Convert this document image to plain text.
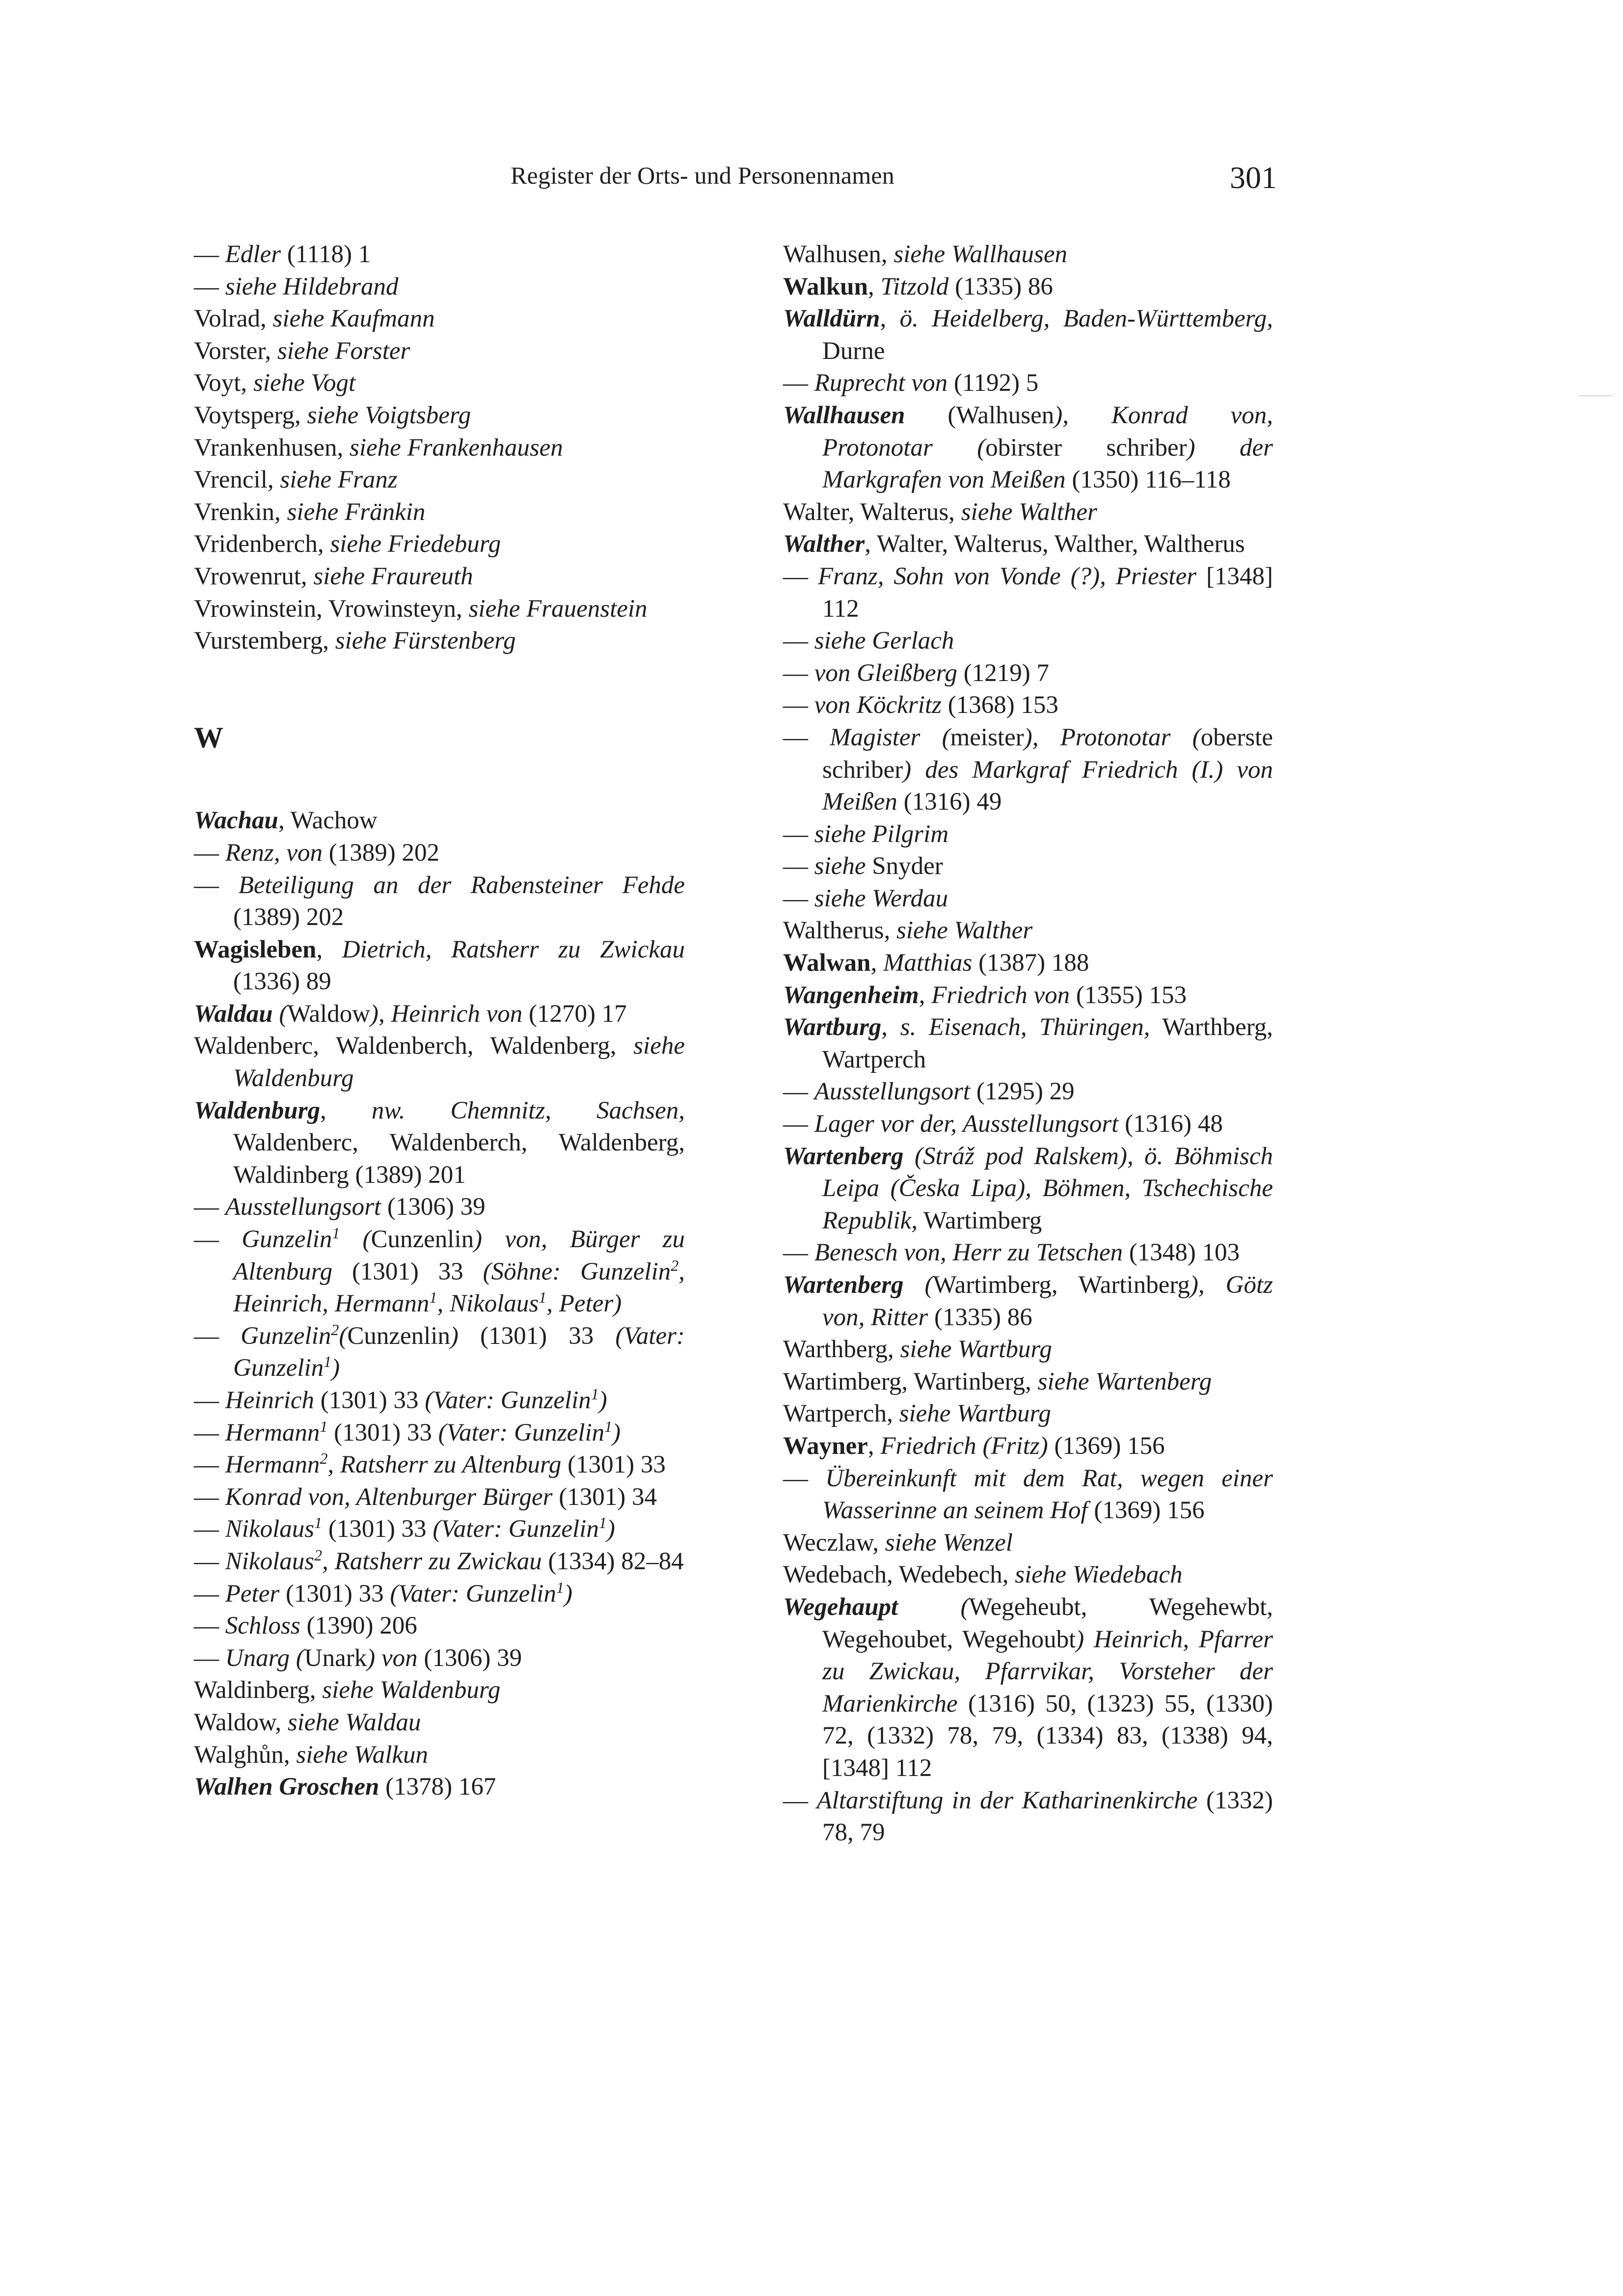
Register der Orts- und Personennamen	301
— Edler (1118) 1
— siehe Hildebrand
Volrad, siehe Kaufmann
Vorster, siehe Forster
Voyt, siehe Vogt
Voytsperg, siehe Voigtsberg
Vrankenhusen, siehe Frankenhausen
Vrencil, siehe Franz
Vrenkin, siehe Fränkin
Vridenberch, siehe Friedeburg
Vrowenrut, siehe Fraureuth
Vrowinstein, Vrowinsteyn, siehe Frauenstein
Vurstemberg, siehe Fürstenberg
W
Wachau, Wachow
— Renz, von (1389) 202
— Beteiligung an der Rabensteiner Fehde (1389) 202
Wagisleben, Dietrich, Ratsherr zu Zwickau (1336) 89
Waldau (Waldow), Heinrich von (1270) 17
Waldenberc, Waldenberch, Waldenberg, siehe Waldenburg
Waldenburg, nw. Chemnitz, Sachsen, Waldenberc, Waldenberch, Waldenberg, Waldinberg (1389) 201
— Ausstellungsort (1306) 39
— Gunzelin$^1$ (Cunzenlin) von, Bürger zu Altenburg (1301) 33 (Söhne: Gunzelin$^2$, Heinrich, Hermann$^1$, Nikolaus$^1$, Peter)
— Gunzelin$^2$(Cunzenlin) (1301) 33 (Vater: Gunzelin$^1$)
— Heinrich (1301) 33 (Vater: Gunzelin$^1$)
— Hermann$^1$ (1301) 33 (Vater: Gunzelin$^1$)
— Hermann$^2$, Ratsherr zu Altenburg (1301) 33
— Konrad von, Altenburger Bürger (1301) 34
— Nikolaus$^1$ (1301) 33 (Vater: Gunzelin$^1$)
— Nikolaus$^2$, Ratsherr zu Zwickau (1334) 82–84
— Peter (1301) 33 (Vater: Gunzelin$^1$)
— Schloss (1390) 206
— Unarg (Unark) von (1306) 39
Waldinberg, siehe Waldenburg
Waldow, siehe Waldau
Walghůn, siehe Walkun
Walhen Groschen (1378) 167
Walhusen, siehe Wallhausen
Walkun, Titzold (1335) 86
Walldürn, ö. Heidelberg, Baden-Württemberg, Durne
— Ruprecht von (1192) 5
Wallhausen (Walhusen), Konrad von, Protonotar (obirster schriber) der Markgrafen von Meißen (1350) 116–118
Walter, Walterus, siehe Walther
Walther, Walter, Walterus, Walther, Waltherus
— Franz, Sohn von Vonde (?), Priester [1348] 112
— siehe Gerlach
— von Gleißberg (1219) 7
— von Köckritz (1368) 153
— Magister (meister), Protonotar (oberste schriber) des Markgraf Friedrich (I.) von Meißen (1316) 49
— siehe Pilgrim
— siehe Snyder
— siehe Werdau
Waltherus, siehe Walther
Walwan, Matthias (1387) 188
Wangenheim, Friedrich von (1355) 153
Wartburg, s. Eisenach, Thüringen, Warthberg, Wartperch
— Ausstellungsort (1295) 29
— Lager vor der, Ausstellungsort (1316) 48
Wartenberg (Stráž pod Ralskem), ö. Böhmisch Leipa (Česka Lipa), Böhmen, Tschechische Republik, Wartimberg
— Benesch von, Herr zu Tetschen (1348) 103
Wartenberg (Wartimberg, Wartinberg), Götz von, Ritter (1335) 86
Warthberg, siehe Wartburg
Wartimberg, Wartinberg, siehe Wartenberg
Wartperch, siehe Wartburg
Wayner, Friedrich (Fritz) (1369) 156
— Übereinkunft mit dem Rat, wegen einer Wasserinne an seinem Hof (1369) 156
Weczlaw, siehe Wenzel
Wedebach, Wedebech, siehe Wiedebach
Wegehaupt (Wegeheubt, Wegehewbt, Wegehoubet, Wegehoubt) Heinrich, Pfarrer zu Zwickau, Pfarrvikar, Vorsteher der Marienkirche (1316) 50, (1323) 55, (1330) 72, (1332) 78, 79, (1334) 83, (1338) 94, [1348] 112
— Altarstiftung in der Katharinenkirche (1332) 78, 79
